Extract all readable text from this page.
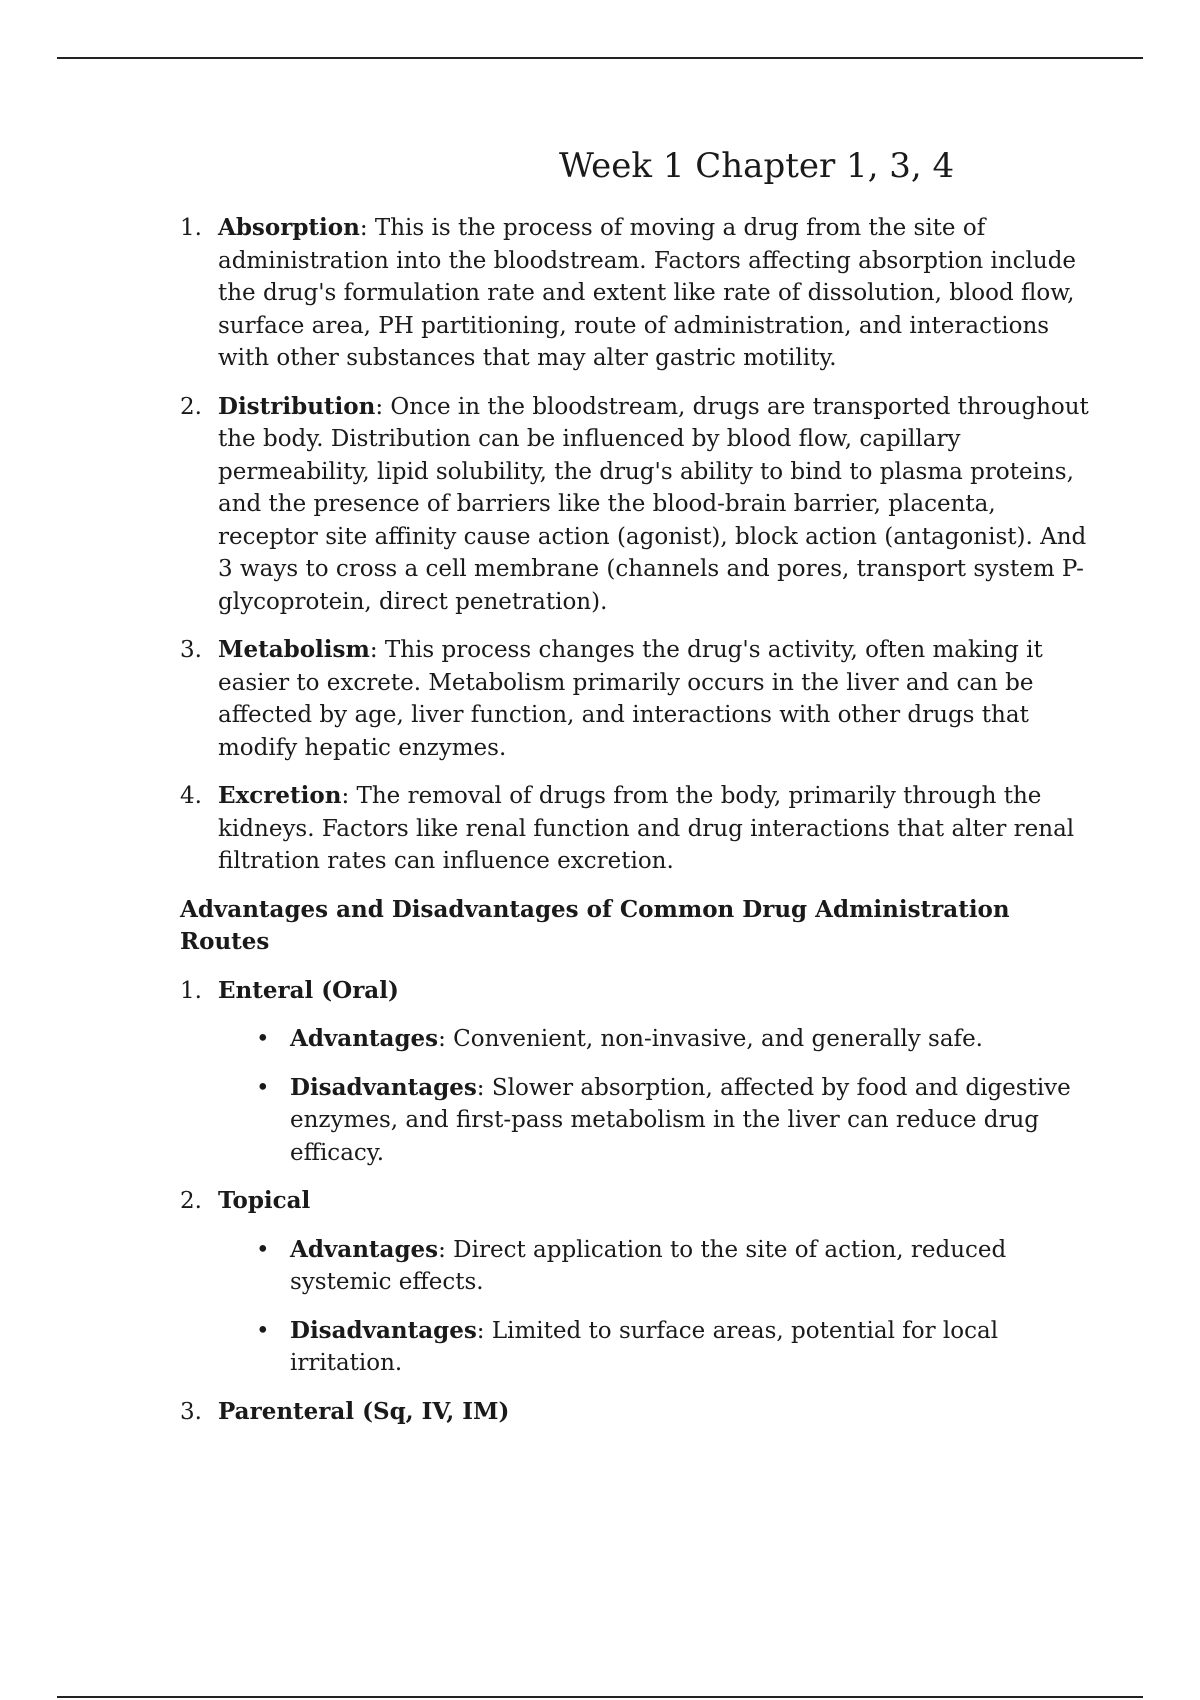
Week 1 Chapter 1, 3, 4
1. Absorption: This is the process of moving a drug from the site of administration into the bloodstream. Factors affecting absorption include the drug's formulation rate and extent like rate of dissolution, blood flow, surface area, PH partitioning, route of administration, and interactions with other substances that may alter gastric motility.
2. Distribution: Once in the bloodstream, drugs are transported throughout the body. Distribution can be influenced by blood flow, capillary permeability, lipid solubility, the drug's ability to bind to plasma proteins, and the presence of barriers like the blood-brain barrier, placenta, receptor site affinity cause action (agonist), block action (antagonist). And 3 ways to cross a cell membrane (channels and pores, transport system P-glycoprotein, direct penetration).
3. Metabolism: This process changes the drug's activity, often making it easier to excrete. Metabolism primarily occurs in the liver and can be affected by age, liver function, and interactions with other drugs that modify hepatic enzymes.
4. Excretion: The removal of drugs from the body, primarily through the kidneys. Factors like renal function and drug interactions that alter renal filtration rates can influence excretion.

Advantages and Disadvantages of Common Drug Administration Routes

1. Enteral (Oral)
• Advantages: Convenient, non-invasive, and generally safe.
• Disadvantages: Slower absorption, affected by food and digestive enzymes, and first-pass metabolism in the liver can reduce drug efficacy.
2. Topical
• Advantages: Direct application to the site of action, reduced systemic effects.
• Disadvantages: Limited to surface areas, potential for local irritation.
3. Parenteral (Sq, IV, IM)
